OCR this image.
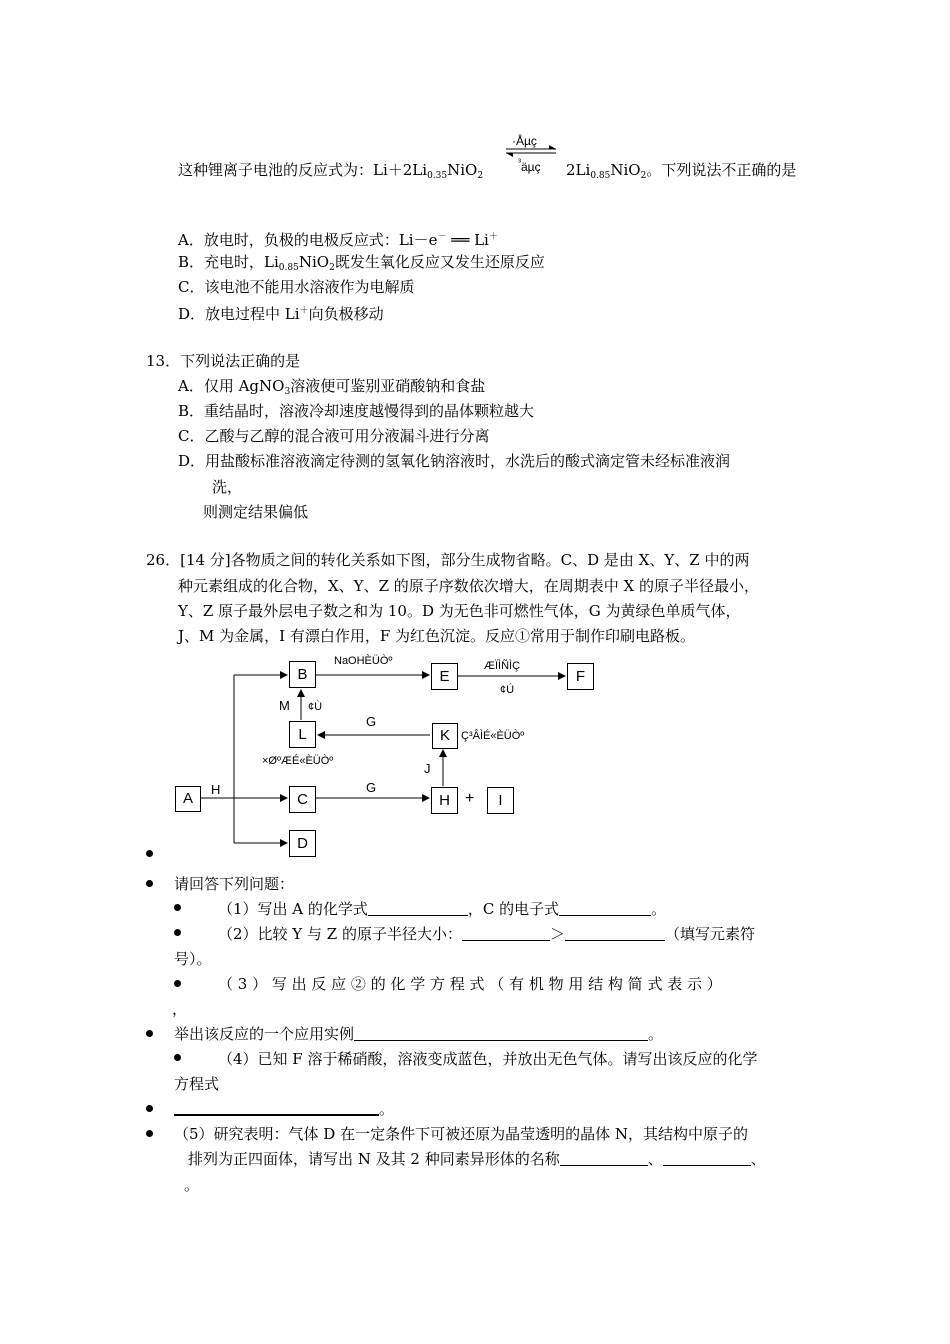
这种锂离子电池的反应式为：$Li+2Li_{0.35}NiO_2$
·Åµç
$^{^3}$äµç $2Li_{0.85}NiO_2$。下列说法不正确的是
A．放电时，负极的电极反应式：Li－e－ ══ Li＋
B．充电时，$Li_{0.85}NiO_2$既发生氧化反应又发生还原反应
C．该电池不能用水溶液作为电解质
D．放电过程中 Li＋向负极移动
13．下列说法正确的是
A．仅用 AgNO$_3$溶液便可鉴别亚硝酸钠和食盐
B．重结晶时，溶液冷却速度越慢得到的晶体颗粒越大
C．乙酸与乙醇的混合液可用分液漏斗进行分离
D．用盐酸标准溶液滴定待测的氢氧化钠溶液时，水洗后的酸式滴定管未经标准液润
洗，
则测定结果偏低
26．[14 分]各物质之间的转化关系如下图，部分生成物省略。C、D 是由 X、Y、Z 中的两
种元素组成的化合物，X、Y、Z 的原子序数依次增大，在周期表中 X 的原子半径最小，
Y、Z 原子最外层电子数之和为 10。D 为无色非可燃性气体，G 为黄绿色单质气体，
J、M 为金属，I 有漂白作用，F 为红色沉淀。反应①常用于制作印刷电路板。
A
B
C
D
E	F
L	K
H	I
+
H
NaOHÈÜÒº	ÆÏÌÑÌÇ
¢Ú
M ¢Ù
G
G
J
Ç³ÂÌÉ«ÈÜÒº
×ØºÆÉ«ÈÜÒº
请回答下列问题：
（1）写出 A 的化学式	，C 的电子式	。
（2）比较 Y 与 Z 的原子半径大小：	＞	（填写元素符
号）。
（ 3 ） 写 出 反 应 ② 的 化 学 方 程 式 （ 有 机 物 用 结 构 简 式 表 示 ）
，
举出该反应的一个应用实例	。
（4）已知 F 溶于稀硝酸，溶液变成蓝色，并放出无色气体。请写出该反应的化学
方程式
。
（5）研究表明：气体 D 在一定条件下可被还原为晶莹透明的晶体 N，其结构中原子的
排列为正四面体，请写出 N 及其 2 种同素异形体的名称	、	、
。
